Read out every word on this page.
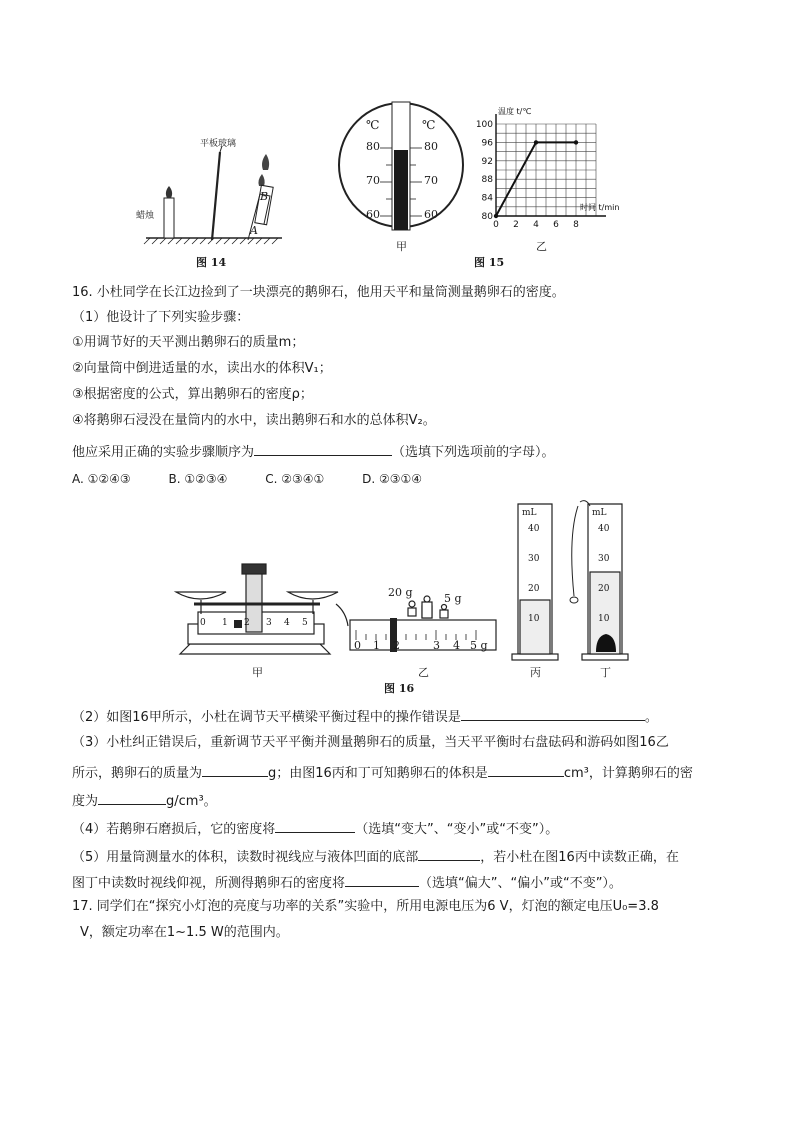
平板玻璃
蜡烛
A
B
图 14
℃	℃
80	80
70	70
60	60
甲
100
96
92
88
84
80
0 2 4 6 8
温度 t/℃
时间 t/min
乙
图 15
16. 小杜同学在长江边捡到了一块漂亮的鹅卵石，他用天平和量筒测量鹅卵石的密度。
（1）他设计了下列实验步骤：
①用调节好的天平测出鹅卵石的质量m；
②向量筒中倒进适量的水，读出水的体积V₁；
③根据密度的公式，算出鹅卵石的密度ρ；
④将鹅卵石浸没在量筒内的水中，读出鹅卵石和水的总体积V₂。
他应采用正确的实验步骤顺序为	（选填下列选项前的字母）。
A. ①②④③	B. ①②③④	C. ②③④①	D. ②③①④
0 1 2	3 4 5 g
0 1 2 3 4 5
20 g	5 g
mL
40
30
20
10
mL
40
30
20
10
甲	乙	丙	丁
图 16
（2）如图16甲所示，小杜在调节天平横梁平衡过程中的操作错误是	。
（3）小杜纠正错误后，重新调节天平平衡并测量鹅卵石的质量，当天平平衡时右盘砝码和游码如图16乙
所示，鹅卵石的质量为	g；由图16丙和丁可知鹅卵石的体积是	cm³，计算鹅卵石的密
度为	g/cm³。
（4）若鹅卵石磨损后，它的密度将	（选填“变大”、“变小”或“不变”）。
（5）用量筒测量水的体积，读数时视线应与液体凹面的底部	，若小杜在图16丙中读数正确，在
图丁中读数时视线仰视，所测得鹅卵石的密度将	（选填“偏大”、“偏小”或“不变”）。
17. 同学们在“探究小灯泡的亮度与功率的关系”实验中，所用电源电压为6 V，灯泡的额定电压U₀=3.8
V，额定功率在1~1.5 W的范围内。
